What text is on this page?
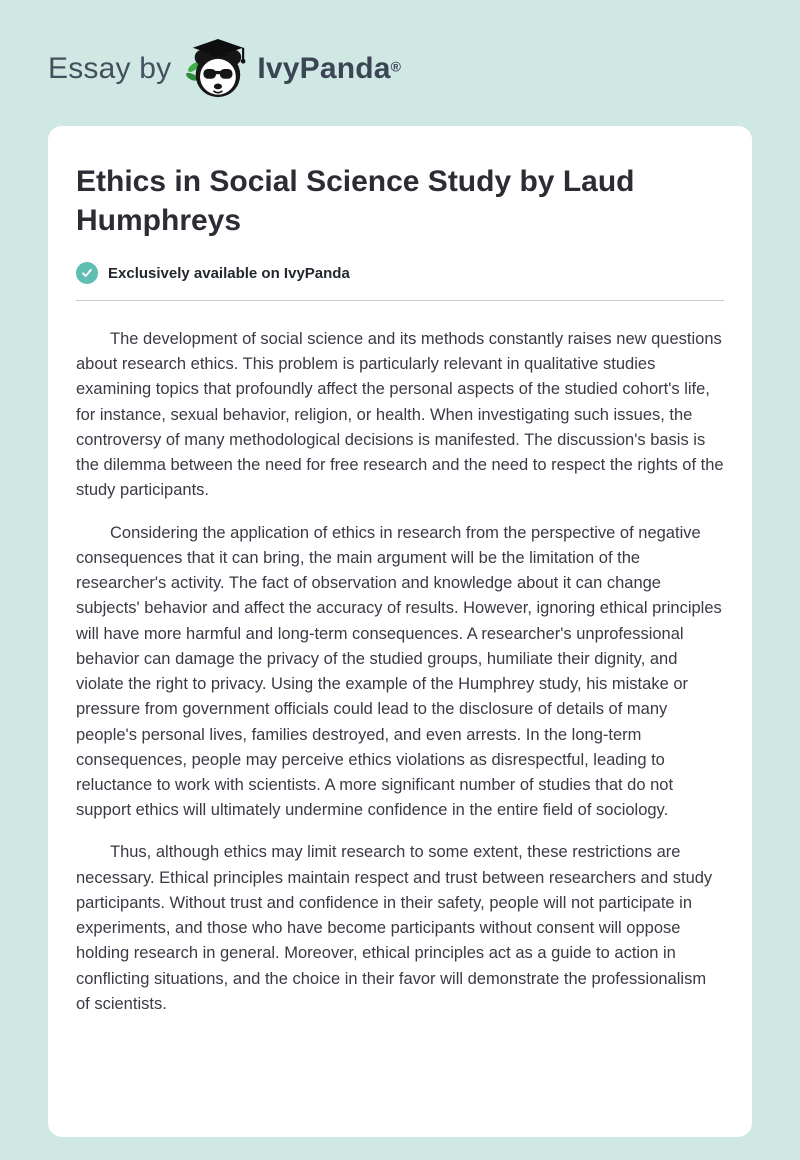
Essay by	IvyPanda®
Ethics in Social Science Study by Laud Humphreys
Exclusively available on IvyPanda

The development of social science and its methods constantly raises new questions about research ethics. This problem is particularly relevant in qualitative studies examining topics that profoundly affect the personal aspects of the studied cohort's life, for instance, sexual behavior, religion, or health. When investigating such issues, the controversy of many methodological decisions is manifested. The discussion's basis is the dilemma between the need for free research and the need to respect the rights of the study participants.

Considering the application of ethics in research from the perspective of negative consequences that it can bring, the main argument will be the limitation of the researcher's activity. The fact of observation and knowledge about it can change subjects' behavior and affect the accuracy of results. However, ignoring ethical principles will have more harmful and long-term consequences. A researcher's unprofessional behavior can damage the privacy of the studied groups, humiliate their dignity, and violate the right to privacy. Using the example of the Humphrey study, his mistake or pressure from government officials could lead to the disclosure of details of many people's personal lives, families destroyed, and even arrests. In the long-term consequences, people may perceive ethics violations as disrespectful, leading to reluctance to work with scientists. A more significant number of studies that do not support ethics will ultimately undermine confidence in the entire field of sociology.

Thus, although ethics may limit research to some extent, these restrictions are necessary. Ethical principles maintain respect and trust between researchers and study participants. Without trust and confidence in their safety, people will not participate in experiments, and those who have become participants without consent will oppose holding research in general. Moreover, ethical principles act as a guide to action in conflicting situations, and the choice in their favor will demonstrate the professionalism of scientists.
